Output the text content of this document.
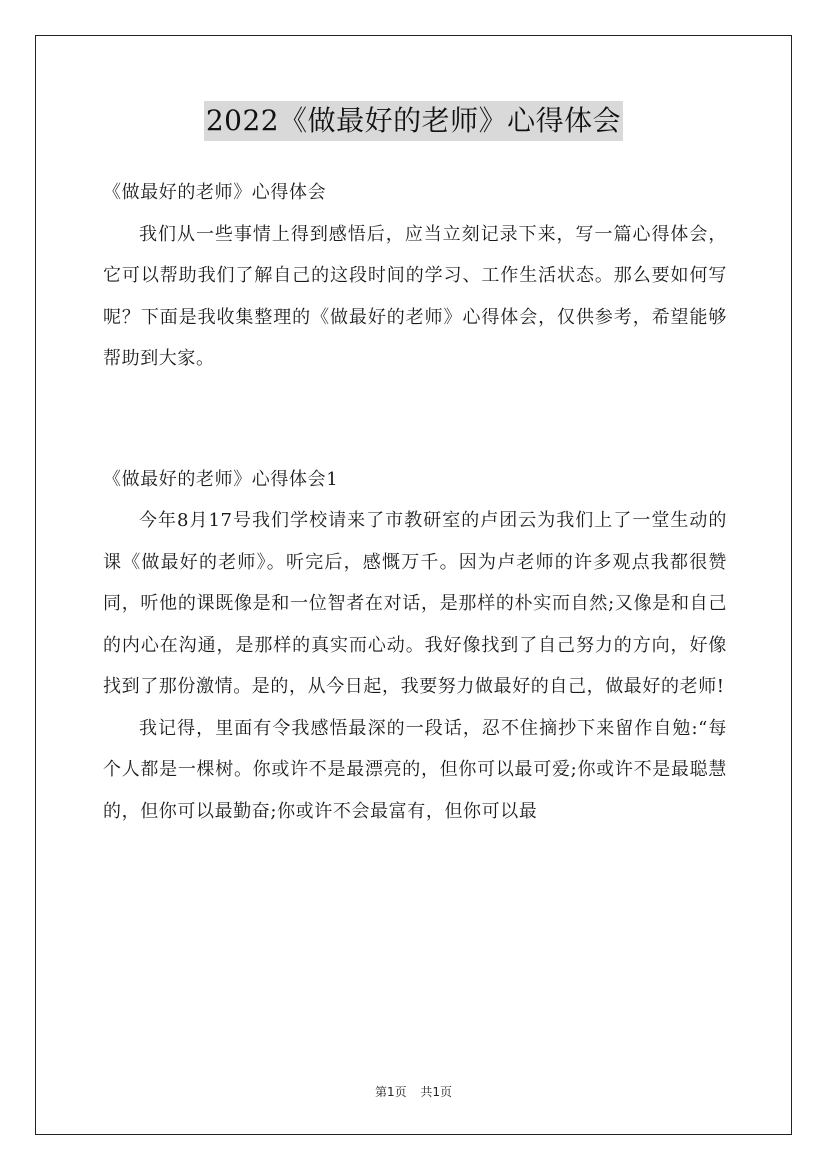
2022《做最好的老师》心得体会

《做最好的老师》心得体会

我们从一些事情上得到感悟后，应当立刻记录下来，写一篇心得体会，它可以帮助我们了解自己的这段时间的学习、工作生活状态。那么要如何写呢？下面是我收集整理的《做最好的老师》心得体会，仅供参考，希望能够帮助到大家。

《做最好的老师》心得体会1

今年8月17号我们学校请来了市教研室的卢团云为我们上了一堂生动的课《做最好的老师》。听完后，感慨万千。因为卢老师的许多观点我都很赞同，听他的课既像是和一位智者在对话，是那样的朴实而自然;又像是和自己的内心在沟通，是那样的真实而心动。我好像找到了自己努力的方向，好像找到了那份激情。是的，从今日起，我要努力做最好的自己，做最好的老师!

我记得，里面有令我感悟最深的一段话，忍不住摘抄下来留作自勉:“每个人都是一棵树。你或许不是最漂亮的，但你可以最可爱;你或许不是最聪慧的，但你可以最勤奋;你或许不会最富有，但你可以最

第1页 共1页
